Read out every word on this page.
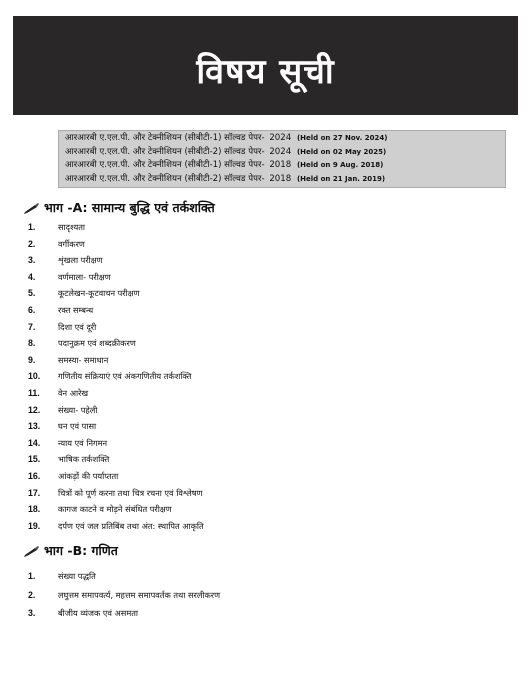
विषय सूची
आरआरबी ए.एल.पी. और टेक्नीशियन (सीबीटी-1) सॉल्वड पेपर- 2024 (Held on 27 Nov. 2024)
आरआरबी ए.एल.पी. और टेक्नीशियन (सीबीटी-2) सॉल्वड पेपर- 2024 (Held on 02 May 2025)
आरआरबी ए.एल.पी. और टेक्नीशियन (सीबीटी-1) सॉल्वड पेपर- 2018 (Held on 9 Aug. 2018)
आरआरबी ए.एल.पी. और टेक्नीशियन (सीबीटी-2) सॉल्वड पेपर- 2018 (Held on 21 Jan. 2019)
भाग -A: सामान्य बुद्धि एवं तर्कशक्ति
1.	सादृश्यता
2.	वर्गीकरण
3.	शृंखला परीक्षण
4.	वर्णमाला- परीक्षण
5.	कूटलेखन-कूटवाचन परीक्षण
6.	रक्त सम्बन्ध
7.	दिशा एवं दूरी
8.	पदानुक्रम एवं शब्दक्रीकरण
9.	समस्या- समाधान
10.	गणितीय संक्रियाएं एवं अंकगणितीय तर्कशक्ति
11.	वेन आरेख
12.	संख्या- पहेली
13.	घन एवं पासा
14.	न्याय एवं निगमन
15.	भाषिक तर्कशक्ति
16.	आंकड़ों की पर्याप्तता
17.	चित्रों को पूर्ण करना तथा चित्र रचना एवं विश्लेषण
18.	कागज काटने व मोड़ने संबंधित परीक्षण
19.	दर्पण एवं जल प्रतिबिंब तथा अंत: स्थापित आकृति
भाग -B: गणित
1.	संख्या पद्धति
2.	लघुत्तम समापवर्त्य, महत्तम समापवर्तक तथा सरलीकरण
3.	बीजीय व्यंजक एवं असमता
